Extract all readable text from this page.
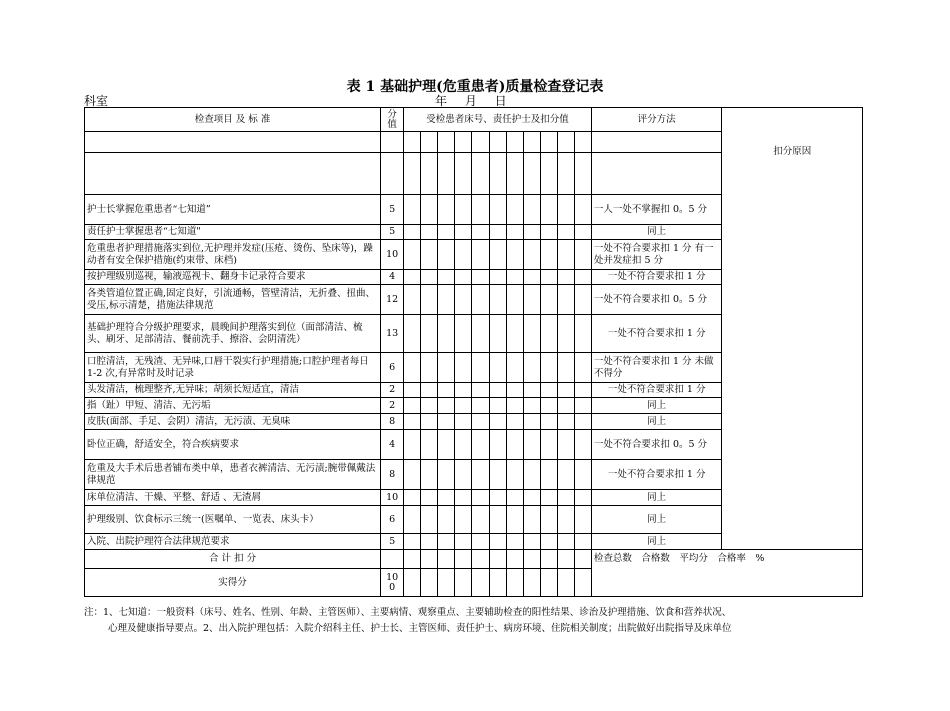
表 1 基础护理(危重患者)质量检查登记表
科室	年 月 日
检查项目 及 标 准	分值	受检患者床号、责任护士及扣分值											评分方法	扣分原因

护士长掌握危重患者“七知道”	5												一人一处不掌握扣 0。5 分	
责任护士掌握患者“七知道"	5												同上	
危重患者护理措施落实到位,无护理并发症(压疮、烫伤、坠床等)，躁动者有安全保护措施(约束带、床档)	10												一处不符合要求扣 1 分 有一处并发症扣 5 分	
按护理级别巡视，输液巡视卡、翻身卡记录符合要求	4												一处不符合要求扣 1 分	
各类管道位置正确,固定良好，引流通畅，管壁清洁，无折叠、扭曲、受压,标示清楚，措施法律规范	12												一处不符合要求扣 0。5 分	
基础护理符合分级护理要求，晨晚间护理落实到位（面部清洁、梳头、刷牙、足部清洁、餐前洗手、擦浴、会阴清洗）	13												一处不符合要求扣 1 分	
口腔清洁，无残渣、无异味,口唇干裂实行护理措施;口腔护理者每日 1-2 次,有异常时及时记录	6												一处不符合要求扣 1 分 未做不得分	
头发清洁，梳理整齐,无异味；胡须长短适宜，清洁	2												一处不符合要求扣 1 分	
指（趾）甲短、清洁、无污垢	2												同上	
皮肤(面部、手足、会阴）清洁，无污渍、无臭味	8												同上	
卧位正确，舒适安全，符合疾病要求	4												一处不符合要求扣 0。5 分	
危重及大手术后患者铺布类中单，患者衣裤清洁、无污渍;腕带佩戴法律规范	8												一处不符合要求扣 1 分	
床单位清洁、干燥、平整、舒适 、无渣屑	10												同上	
护理级别、饮食标示三统一(医嘱单、一览表、床头卡）	6												同上	
入院、出院护理符合法律规范要求	5												同上	
合 计 扣 分													检查总数　合格数　平均分　合格率　%	
实得分	100													
注：1、七知道：一般资料（床号、姓名、性别、年龄、主管医师）、主要病情、观察重点、主要辅助检查的阳性结果、诊治及护理措施、饮食和营养状况、
心理及健康指导要点。2、出入院护理包括：入院介绍科主任、护士长、主管医师、责任护士、病房环境、住院相关制度；出院做好出院指导及床单位
